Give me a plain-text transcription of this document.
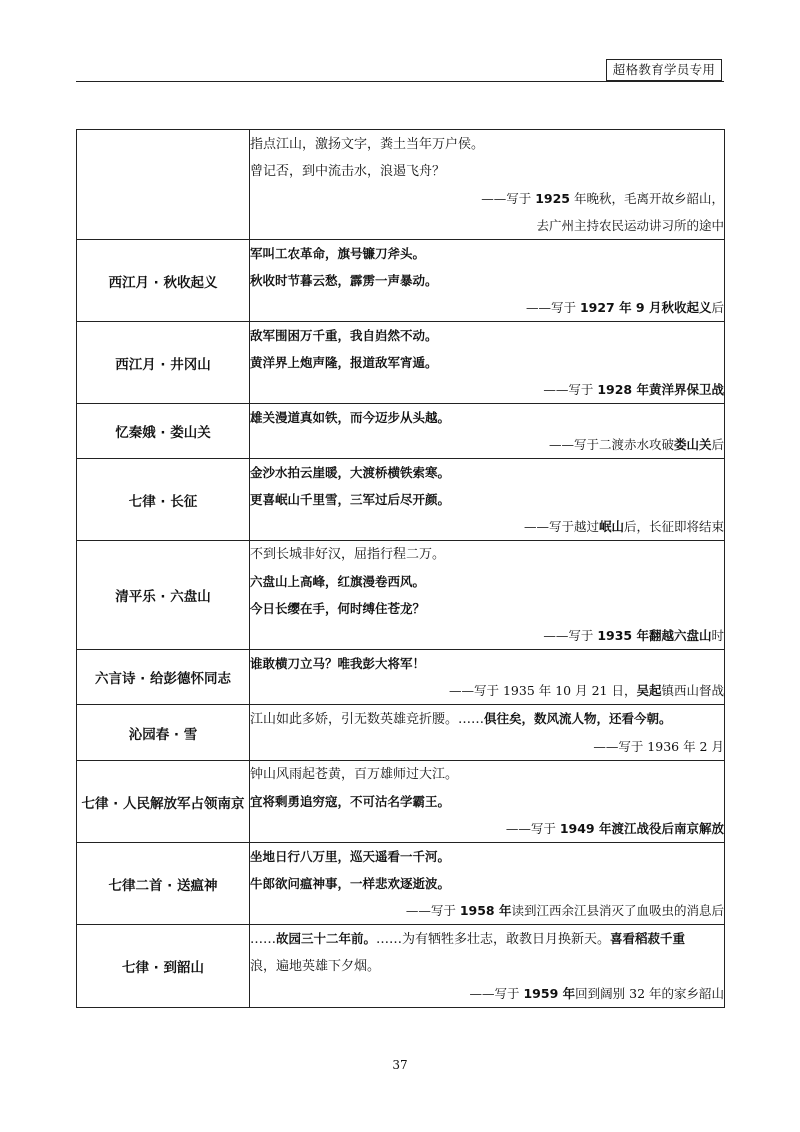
超格教育学员专用

	指点江山，激扬文字，粪土当年万户侯。
曾记否，到中流击水，浪遏飞舟？
——写于 1925 年晚秋，毛离开故乡韶山，
去广州主持农民运动讲习所的途中

西江月 · 秋收起义	军叫工农革命，旗号镰刀斧头。
秋收时节暮云愁，霹雳一声暴动。
——写于 1927 年 9 月秋收起义后

西江月 · 井冈山	敌军围困万千重，我自岿然不动。
黄洋界上炮声隆，报道敌军宵遁。
——写于 1928 年黄洋界保卫战

忆秦娥 · 娄山关	雄关漫道真如铁，而今迈步从头越。
——写于二渡赤水攻破娄山关后

七律 · 长征	金沙水拍云崖暖，大渡桥横铁索寒。
更喜岷山千里雪，三军过后尽开颜。
——写于越过岷山后，长征即将结束

清平乐 · 六盘山	不到长城非好汉，屈指行程二万。
六盘山上高峰，红旗漫卷西风。
今日长缨在手，何时缚住苍龙？
——写于 1935 年翻越六盘山时

六言诗 · 给彭德怀同志	谁敢横刀立马？唯我彭大将军！
——写于 1935 年 10 月 21 日，吴起镇西山督战

沁园春 · 雪	江山如此多娇，引无数英雄竞折腰。……俱往矣，数风流人物，还看今朝。
——写于 1936 年 2 月

七律 · 人民解放军占领南京	钟山风雨起苍黄，百万雄师过大江。
宜将剩勇追穷寇，不可沽名学霸王。
——写于 1949 年渡江战役后南京解放

七律二首 · 送瘟神	坐地日行八万里，巡天遥看一千河。
牛郎欲问瘟神事，一样悲欢逐逝波。
——写于 1958 年读到江西余江县消灭了血吸虫的消息后

七律 · 到韶山	……故园三十二年前。……为有牺牲多壮志，敢教日月换新天。喜看稻菽千重
浪，遍地英雄下夕烟。
——写于 1959 年回到阔别 32 年的家乡韶山
37
